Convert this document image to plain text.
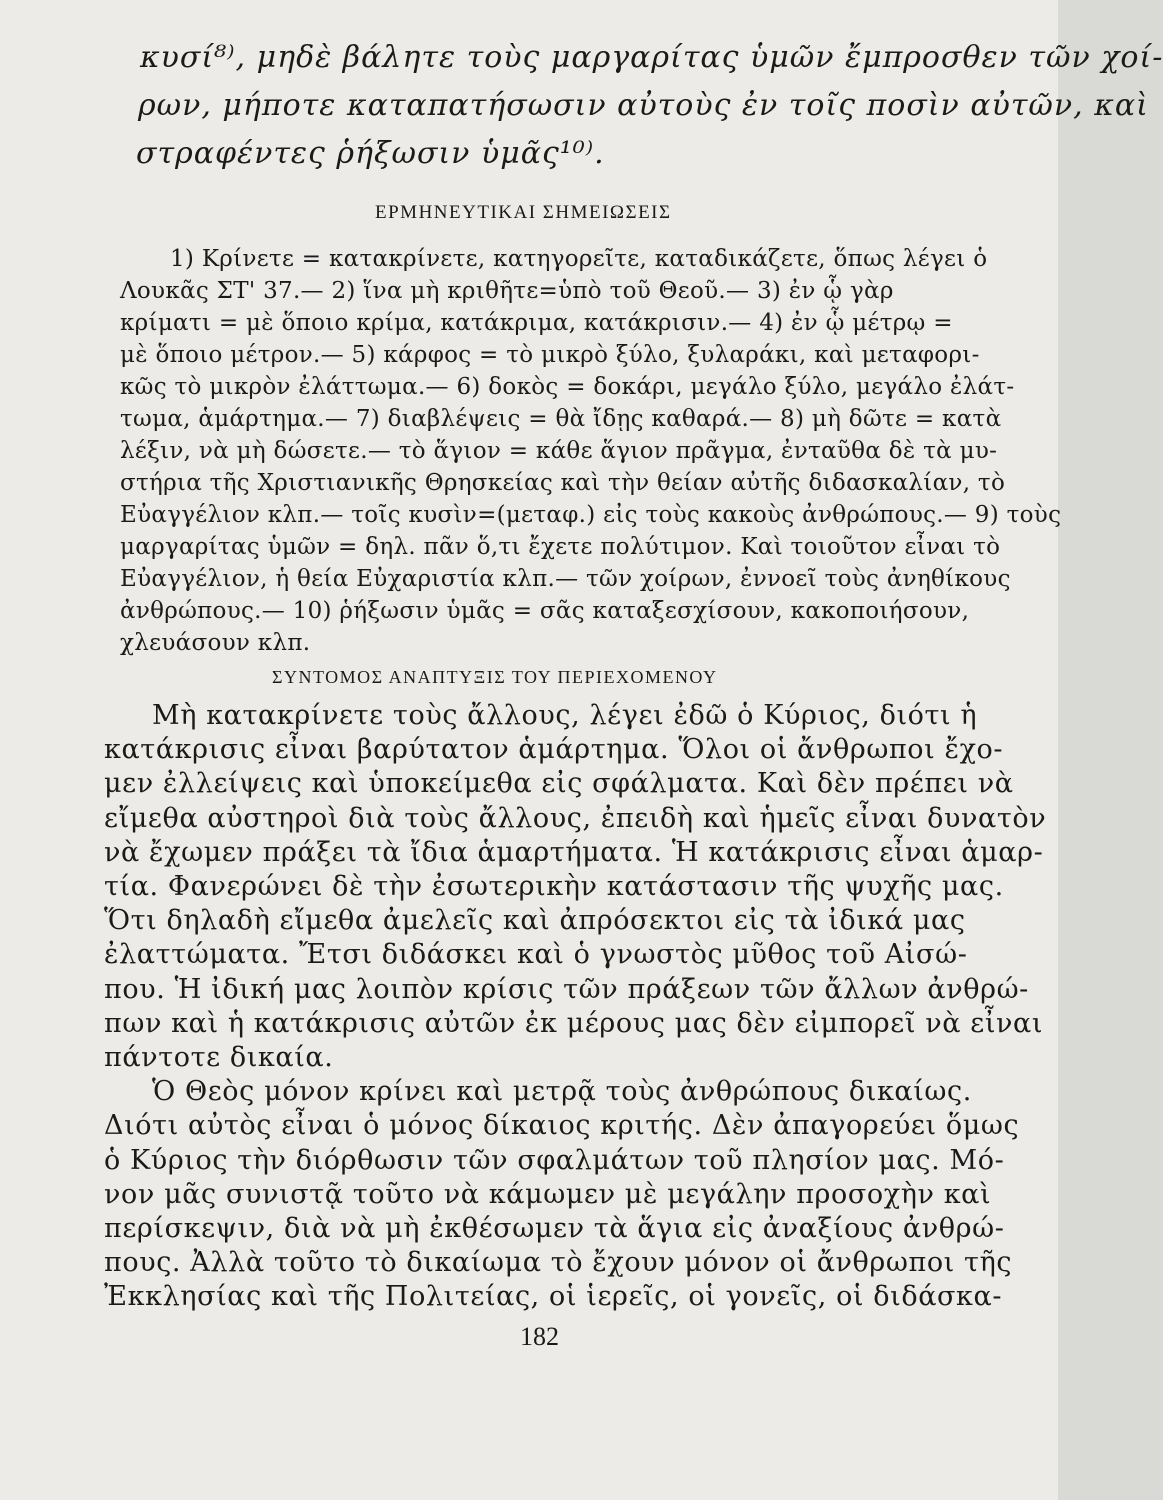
κυσί⁸⁾, μηδὲ βάλητε τοὺς μαργαρίτας ὑμῶν ἔμπροσθεν τῶν χοί-
ρων, μήποτε καταπατήσωσιν αὐτοὺς ἐν τοῖς ποσὶν αὐτῶν, καὶ
στραφέντες ῥήξωσιν ὑμᾶς¹⁰⁾.
ΕΡΜΗΝΕΥΤΙΚΑΙ ΣΗΜΕΙΩΣΕΙΣ
1) Κρίνετε = κατακρίνετε, κατηγορεῖτε, καταδικάζετε, ὅπως λέγει ὁ
Λουκᾶς ΣΤ' 37.— 2) ἵνα μὴ κριθῆτε=ὑπὸ τοῦ Θεοῦ.— 3) ἐν ᾧ γὰρ
κρίματι = μὲ ὅποιο κρίμα, κατάκριμα, κατάκρισιν.— 4) ἐν ᾧ μέτρῳ =
μὲ ὅποιο μέτρον.— 5) κάρφος = τὸ μικρὸ ξύλο, ξυλαράκι, καὶ μεταφορι-
κῶς τὸ μικρὸν ἐλάττωμα.— 6) δοκὸς = δοκάρι, μεγάλο ξύλο, μεγάλο ἐλάτ-
τωμα, ἁμάρτημα.— 7) διαβλέψεις = θὰ ἴδῃς καθαρά.— 8) μὴ δῶτε = κατὰ
λέξιν, νὰ μὴ δώσετε.— τὸ ἅγιον = κάθε ἅγιον πρᾶγμα, ἐνταῦθα δὲ τὰ μυ-
στήρια τῆς Χριστιανικῆς Θρησκείας καὶ τὴν θείαν αὐτῆς διδασκαλίαν, τὸ
Εὐαγγέλιον κλπ.— τοῖς κυσὶν=(μεταφ.) εἰς τοὺς κακοὺς ἀνθρώπους.— 9) τοὺς
μαργαρίτας ὑμῶν = δηλ. πᾶν ὅ,τι ἔχετε πολύτιμον. Καὶ τοιοῦτον εἶναι τὸ
Εὐαγγέλιον, ἡ θεία Εὐχαριστία κλπ.— τῶν χοίρων, ἐννοεῖ τοὺς ἀνηθίκους
ἀνθρώπους.— 10) ῥήξωσιν ὑμᾶς = σᾶς καταξεσχίσουν, κακοποιήσουν,
χλευάσουν κλπ.
ΣΥΝΤΟΜΟΣ ΑΝΑΠΤΥΞΙΣ ΤΟΥ ΠΕΡΙΕΧΟΜΕΝΟΥ
Μὴ κατακρίνετε τοὺς ἄλλους, λέγει ἐδῶ ὁ Κύριος, διότι ἡ
κατάκρισις εἶναι βαρύτατον ἁμάρτημα. Ὅλοι οἱ ἄνθρωποι ἔχο-
μεν ἐλλείψεις καὶ ὑποκείμεθα εἰς σφάλματα. Καὶ δὲν πρέπει νὰ
εἴμεθα αὐστηροὶ διὰ τοὺς ἄλλους, ἐπειδὴ καὶ ἡμεῖς εἶναι δυνατὸν
νὰ ἔχωμεν πράξει τὰ ἴδια ἁμαρτήματα. Ἡ κατάκρισις εἶναι ἁμαρ-
τία. Φανερώνει δὲ τὴν ἐσωτερικὴν κατάστασιν τῆς ψυχῆς μας.
Ὅτι δηλαδὴ εἴμεθα ἀμελεῖς καὶ ἀπρόσεκτοι εἰς τὰ ἰδικά μας
ἐλαττώματα. Ἔτσι διδάσκει καὶ ὁ γνωστὸς μῦθος τοῦ Αἰσώ-
που. Ἡ ἰδική μας λοιπὸν κρίσις τῶν πράξεων τῶν ἄλλων ἀνθρώ-
πων καὶ ἡ κατάκρισις αὐτῶν ἐκ μέρους μας δὲν εἰμπορεῖ νὰ εἶναι
πάντοτε δικαία.
Ὁ Θεὸς μόνον κρίνει καὶ μετρᾷ τοὺς ἀνθρώπους δικαίως.
Διότι αὐτὸς εἶναι ὁ μόνος δίκαιος κριτής. Δὲν ἀπαγορεύει ὅμως
ὁ Κύριος τὴν διόρθωσιν τῶν σφαλμάτων τοῦ πλησίον μας. Μό-
νον μᾶς συνιστᾷ τοῦτο νὰ κάμωμεν μὲ μεγάλην προσοχὴν καὶ
περίσκεψιν, διὰ νὰ μὴ ἐκθέσωμεν τὰ ἅγια εἰς ἀναξίους ἀνθρώ-
πους. Ἀλλὰ τοῦτο τὸ δικαίωμα τὸ ἔχουν μόνον οἱ ἄνθρωποι τῆς
182
Ἐκκλησίας καὶ τῆς Πολιτείας, οἱ ἱερεῖς, οἱ γονεῖς, οἱ διδάσκα-
